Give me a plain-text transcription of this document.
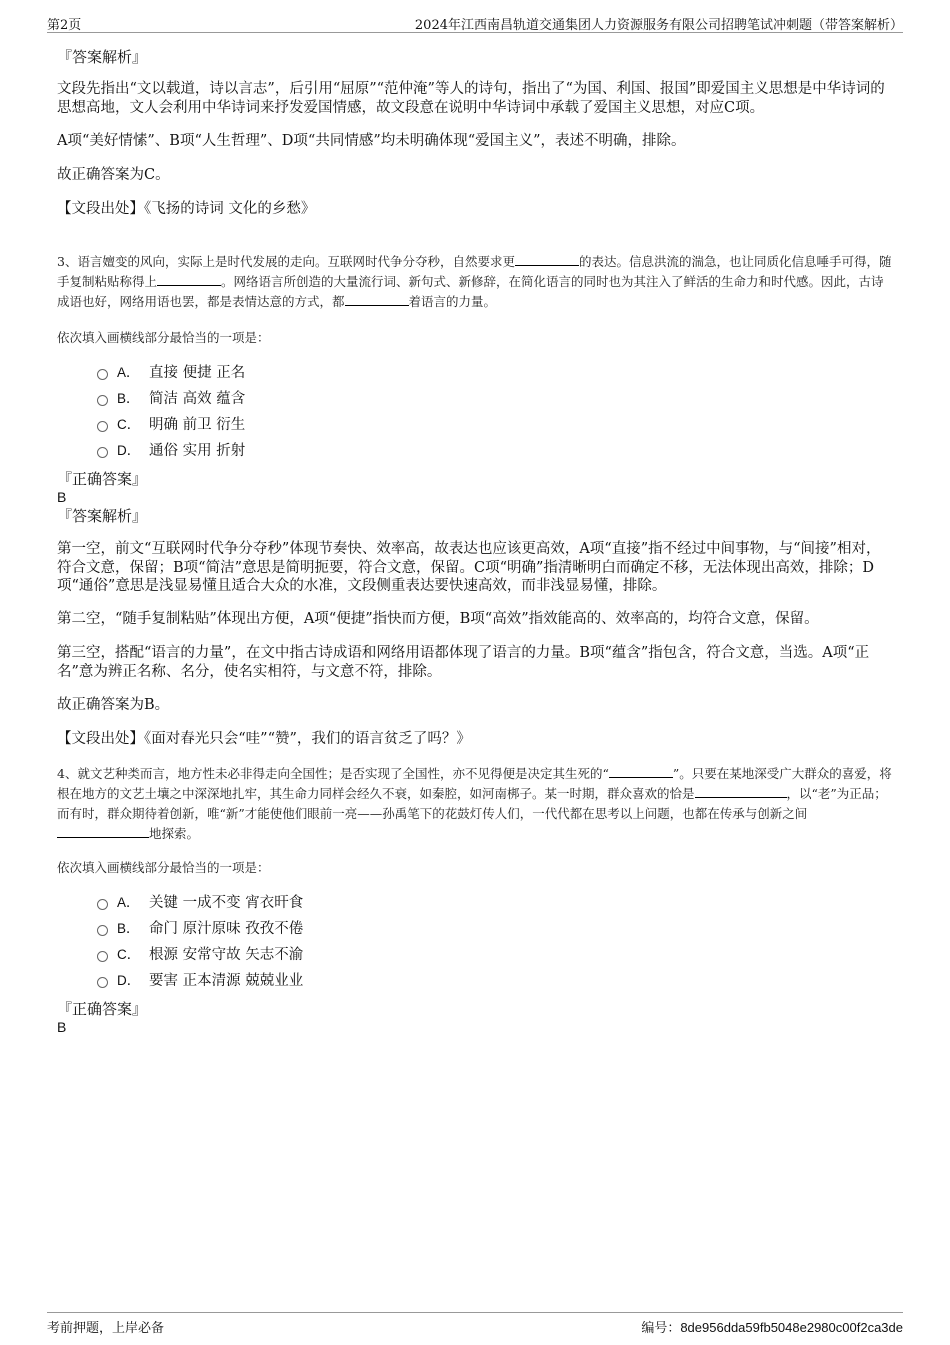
第2页	2024年江西南昌轨道交通集团人力资源服务有限公司招聘笔试冲刺题（带答案解析）

『答案解析』

文段先指出“文以载道，诗以言志”，后引用“屈原”“范仲淹”等人的诗句，指出了“为国、利国、报国”即爱国主义思想是中华诗词的思想高地，文人会利用中华诗词来抒发爱国情感，故文段意在说明中华诗词中承载了爱国主义思想，对应C项。

A项“美好情愫”、B项“人生哲理”、D项“共同情感”均未明确体现“爱国主义”，表述不明确，排除。

故正确答案为C。

【文段出处】《飞扬的诗词 文化的乡愁》

3、语言嬗变的风向，实际上是时代发展的走向。互联网时代争分夺秒，自然要求更	的表达。信息洪流的湍急，也让同质化信息唾手可得，随手复制粘贴称得上	。网络语言所创造的大量流行词、新句式、新修辞，在简化语言的同时也为其注入了鲜活的生命力和时代感。因此，古诗成语也好，网络用语也罢，都是表情达意的方式，都	着语言的力量。

依次填入画横线部分最恰当的一项是：

A． 直接 便捷 正名
B． 简洁 高效 蕴含
C． 明确 前卫 衍生
D． 通俗 实用 折射

『正确答案』

B

『答案解析』

第一空，前文“互联网时代争分夺秒”体现节奏快、效率高，故表达也应该更高效，A项“直接”指不经过中间事物，与“间接”相对，符合文意，保留；B项“简洁”意思是简明扼要，符合文意，保留。C项“明确”指清晰明白而确定不移，无法体现出高效，排除；D项“通俗”意思是浅显易懂且适合大众的水准，文段侧重表达要快速高效，而非浅显易懂，排除。

第二空，“随手复制粘贴”体现出方便，A项“便捷”指快而方便，B项“高效”指效能高的、效率高的，均符合文意，保留。

第三空，搭配“语言的力量”，在文中指古诗成语和网络用语都体现了语言的力量。B项“蕴含”指包含，符合文意，当选。A项“正名”意为辨正名称、名分，使名实相符，与文意不符，排除。

故正确答案为B。

【文段出处】《面对春光只会“哇”“赞”，我们的语言贫乏了吗？》

4、就文艺种类而言，地方性未必非得走向全国性；是否实现了全国性，亦不见得便是决定其生死的“	”。只要在某地深受广大群众的喜爱，将根在地方的文艺土壤之中深深地扎牢，其生命力同样会经久不衰，如秦腔，如河南梆子。某一时期，群众喜欢的恰是	，以“老”为正品；而有时，群众期待着创新，唯“新”才能使他们眼前一亮——孙禹笔下的花鼓灯传人们，一代代都在思考以上问题，也都在传承与创新之间地探索。

依次填入画横线部分最恰当的一项是：

A． 关键 一成不变 宵衣旰食
B． 命门 原汁原味 孜孜不倦
C． 根源 安常守故 矢志不渝
D． 要害 正本清源 兢兢业业

『正确答案』

B

考前押题，上岸必备	编号：8de956dda59fb5048e2980c00f2ca3de
